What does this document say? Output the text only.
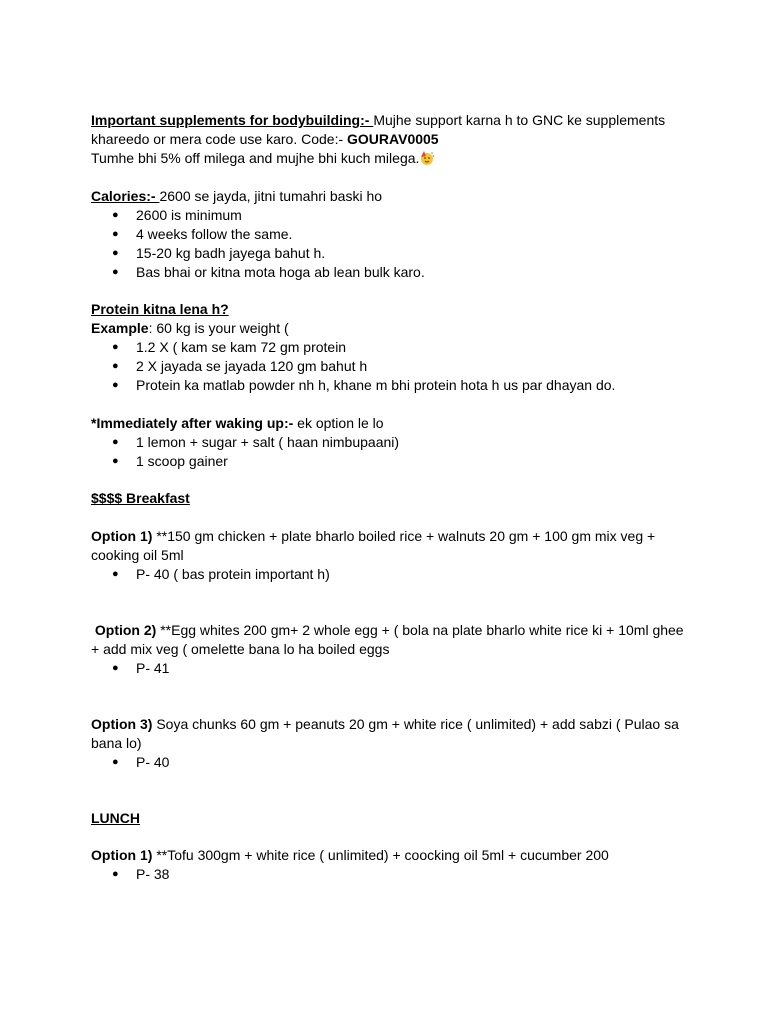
Important supplements for bodybuilding:- Mujhe support karna h to GNC ke supplements khareedo or mera code use karo. Code:- GOURAV0005

Tumhe bhi 5% off milega and mujhe bhi kuch milega.

Calories:- 2600 se jayda, jitni tumahri baski ho

● 2600 is minimum
● 4 weeks follow the same.
● 15-20 kg badh jayega bahut h.
● Bas bhai or kitna mota hoga ab lean bulk karo.

Protein kitna lena h?

Example: 60 kg is your weight (

● 1.2 X ( kam se kam 72 gm protein
● 2 X jayada se jayada 120 gm bahut h
● Protein ka matlab powder nh h, khane m bhi protein hota h us par dhayan do.

*Immediately after waking up:- ek option le lo

● 1 lemon + sugar + salt ( haan nimbupaani)
● 1 scoop gainer

$$$$ Breakfast

Option 1) **150 gm chicken + plate bharlo boiled rice + walnuts 20 gm + 100 gm mix veg + cooking oil 5ml

● P- 40 ( bas protein important h)

Option 2) **Egg whites 200 gm+ 2 whole egg + ( bola na plate bharlo white rice ki + 10ml ghee + add mix veg ( omelette bana lo ha boiled eggs

● P- 41

Option 3) Soya chunks 60 gm + peanuts 20 gm + white rice ( unlimited) + add sabzi ( Pulao sa bana lo)

● P- 40

LUNCH

Option 1) **Tofu 300gm + white rice ( unlimited) + coocking oil 5ml + cucumber 200

● P- 38
